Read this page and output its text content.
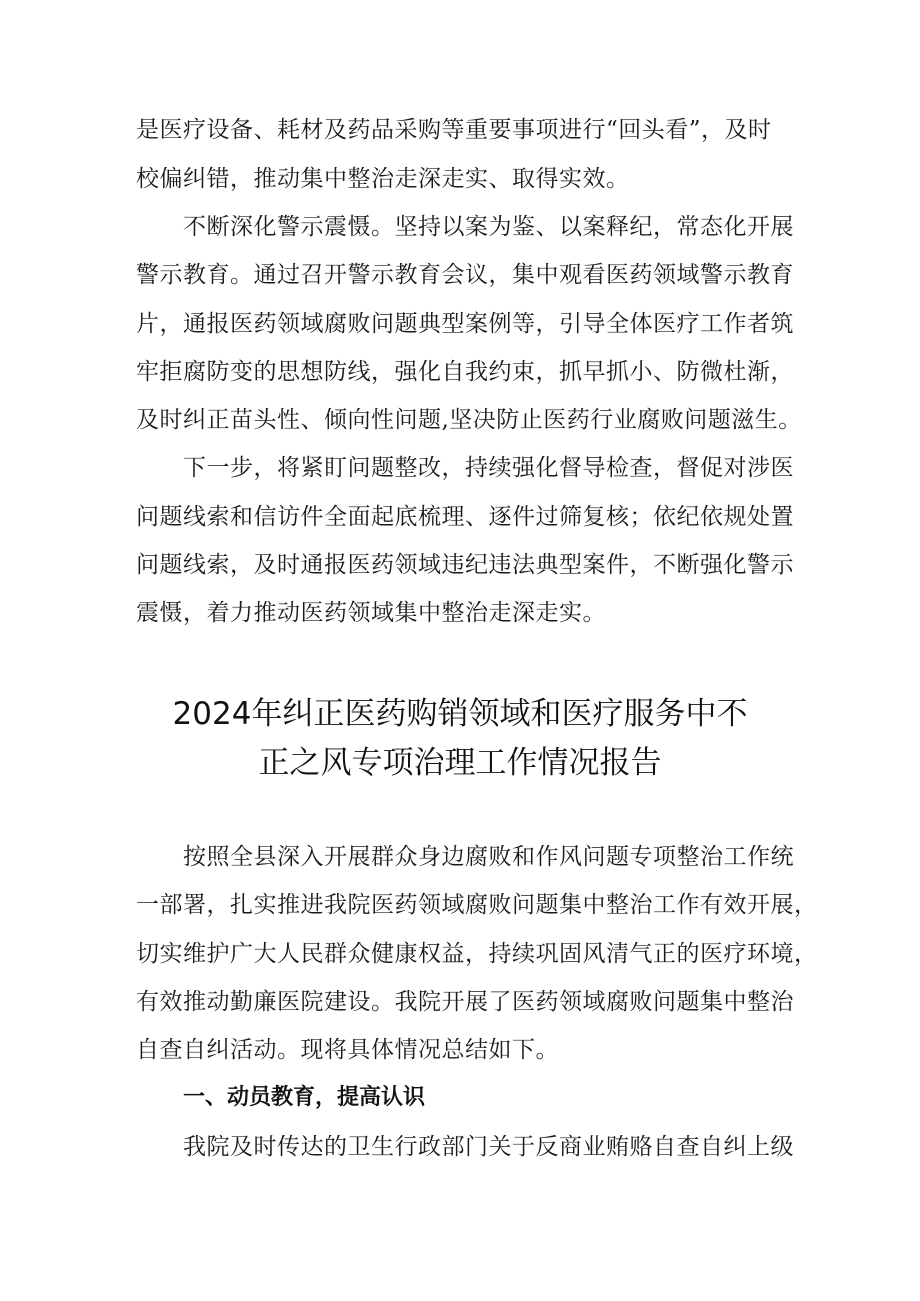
是医疗设备、耗材及药品采购等重要事项进行“回头看”，及时
校偏纠错，推动集中整治走深走实、取得实效。
不断深化警示震慑。坚持以案为鉴、以案释纪，常态化开展
警示教育。通过召开警示教育会议，集中观看医药领域警示教育
片，通报医药领域腐败问题典型案例等，引导全体医疗工作者筑
牢拒腐防变的思想防线，强化自我约束，抓早抓小、防微杜渐，
及时纠正苗头性、倾向性问题,坚决防止医药行业腐败问题滋生。
下一步，将紧盯问题整改，持续强化督导检查，督促对涉医
问题线索和信访件全面起底梳理、逐件过筛复核；依纪依规处置
问题线索，及时通报医药领域违纪违法典型案件，不断强化警示
震慑，着力推动医药领域集中整治走深走实。
2024年纠正医药购销领域和医疗服务中不
正之风专项治理工作情况报告
按照全县深入开展群众身边腐败和作风问题专项整治工作统
一部署，扎实推进我院医药领域腐败问题集中整治工作有效开展，
切实维护广大人民群众健康权益，持续巩固风清气正的医疗环境，
有效推动勤廉医院建设。我院开展了医药领域腐败问题集中整治
自查自纠活动。现将具体情况总结如下。
一、动员教育，提高认识
我院及时传达的卫生行政部门关于反商业贿赂自查自纠上级
